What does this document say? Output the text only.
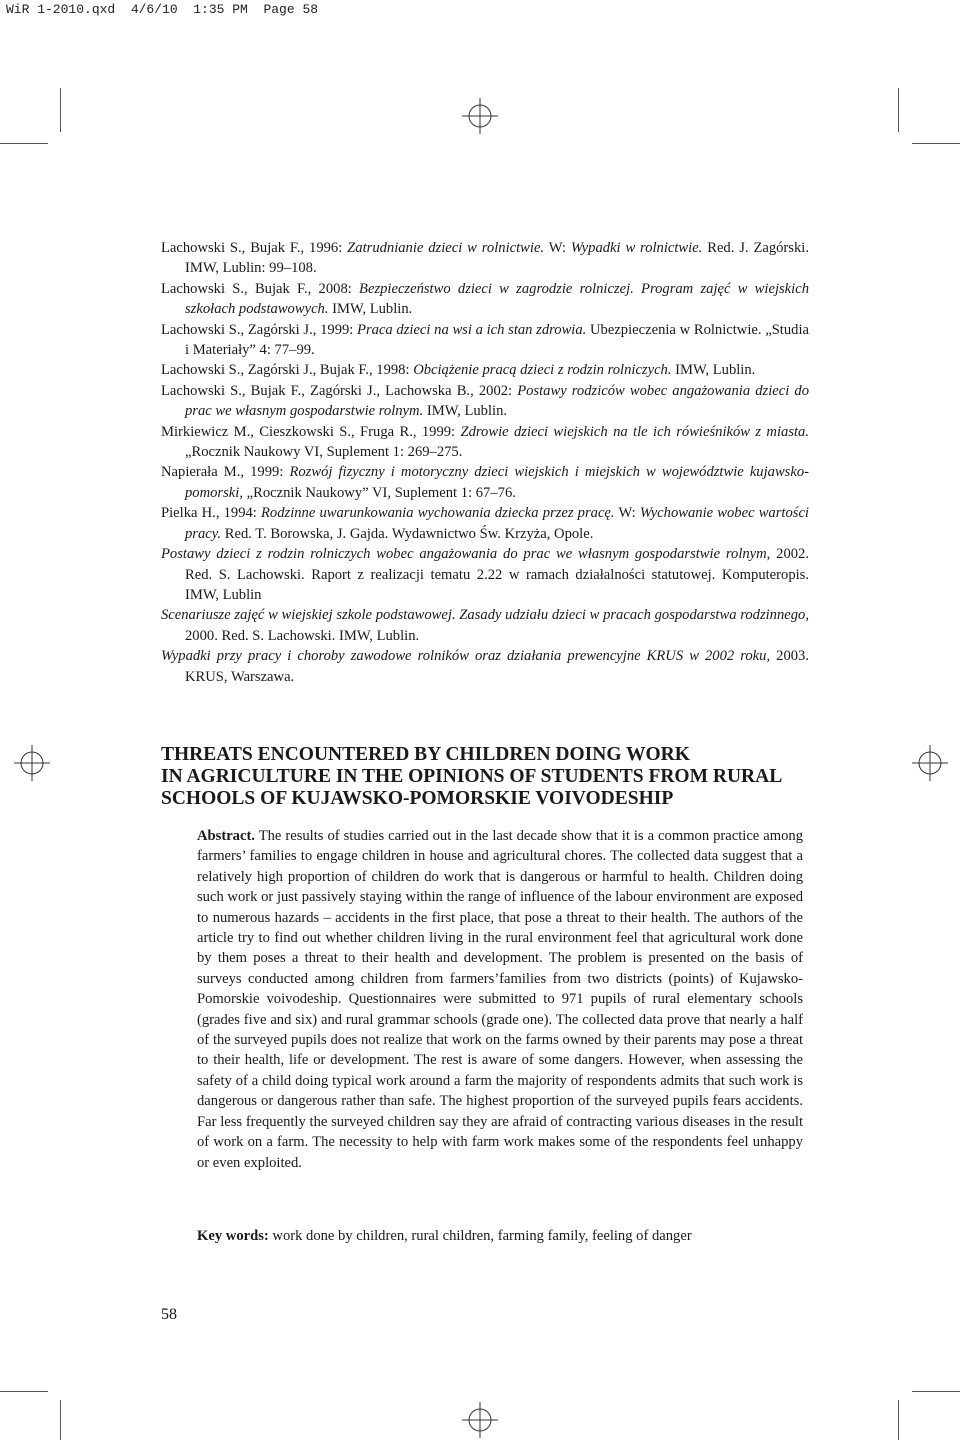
WiR 1-2010.qxd  4/6/10  1:35 PM  Page 58

Lachowski S., Bujak F., 1996: Zatrudnianie dzieci w rolnictwie. W: Wypadki w rolnictwie. Red. J. Zagórski. IMW, Lublin: 99–108.

Lachowski S., Bujak F., 2008: Bezpieczeństwo dzieci w zagrodzie rolniczej. Program zajęć w wiejskich szkołach podstawowych. IMW, Lublin.

Lachowski S., Zagórski J., 1999: Praca dzieci na wsi a ich stan zdrowia. Ubezpieczenia w Rolnictwie. „Studia i Materiały” 4: 77–99.

Lachowski S., Zagórski J., Bujak F., 1998: Obciążenie pracą dzieci z rodzin rolniczych. IMW, Lublin.

Lachowski S., Bujak F., Zagórski J., Lachowska B., 2002: Postawy rodziców wobec angażowania dzieci do prac we własnym gospodarstwie rolnym. IMW, Lublin.

Mirkiewicz M., Cieszkowski S., Fruga R., 1999: Zdrowie dzieci wiejskich na tle ich rówieśników z miasta. „Rocznik Naukowy VI, Suplement 1: 269–275.

Napierała M., 1999: Rozwój fizyczny i motoryczny dzieci wiejskich i miejskich w województwie kujawsko-pomorski, „Rocznik Naukowy” VI, Suplement 1: 67–76.

Pielka H., 1994: Rodzinne uwarunkowania wychowania dziecka przez pracę. W: Wychowanie wobec wartości pracy. Red. T. Borowska, J. Gajda. Wydawnictwo Św. Krzyża, Opole.

Postawy dzieci z rodzin rolniczych wobec angażowania do prac we własnym gospodarstwie rolnym, 2002. Red. S. Lachowski. Raport z realizacji tematu 2.22 w ramach działalności statutowej. Komputeropis. IMW, Lublin

Scenariusze zajęć w wiejskiej szkole podstawowej. Zasady udziału dzieci w pracach gospodarstwa rodzinnego, 2000. Red. S. Lachowski. IMW, Lublin.

Wypadki przy pracy i choroby zawodowe rolników oraz działania prewencyjne KRUS w 2002 roku, 2003. KRUS, Warszawa.

THREATS ENCOUNTERED BY CHILDREN DOING WORK
IN AGRICULTURE IN THE OPINIONS OF STUDENTS FROM RURAL
SCHOOLS OF KUJAWSKO-POMORSKIE VOIVODESHIP

Abstract. The results of studies carried out in the last decade show that it is a common practice among farmers’ families to engage children in house and agricultural chores. The collected data suggest that a relatively high proportion of children do work that is dangerous or harmful to health. Children doing such work or just passively staying within the range of influence of the labour environment are exposed to numerous hazards – accidents in the first place, that pose a threat to their health. The authors of the article try to find out whether children living in the rural environment feel that agricultural work done by them poses a threat to their health and development. The problem is presented on the basis of surveys conducted among children from farmers’families from two districts (points) of Kujawsko-Pomorskie voivodeship. Questionnaires were submitted to 971 pupils of rural elementary schools (grades five and six) and rural grammar schools (grade one). The collected data prove that nearly a half of the surveyed pupils does not realize that work on the farms owned by their parents may pose a threat to their health, life or development. The rest is aware of some dangers. However, when assessing the safety of a child doing typical work around a farm the majority of respondents admits that such work is dangerous or dangerous rather than safe. The highest proportion of the surveyed pupils fears accidents. Far less frequently the surveyed children say they are afraid of contracting various diseases in the result of work on a farm. The necessity to help with farm work makes some of the respondents feel unhappy or even exploited.

Key words: work done by children, rural children, farming family, feeling of danger

58
